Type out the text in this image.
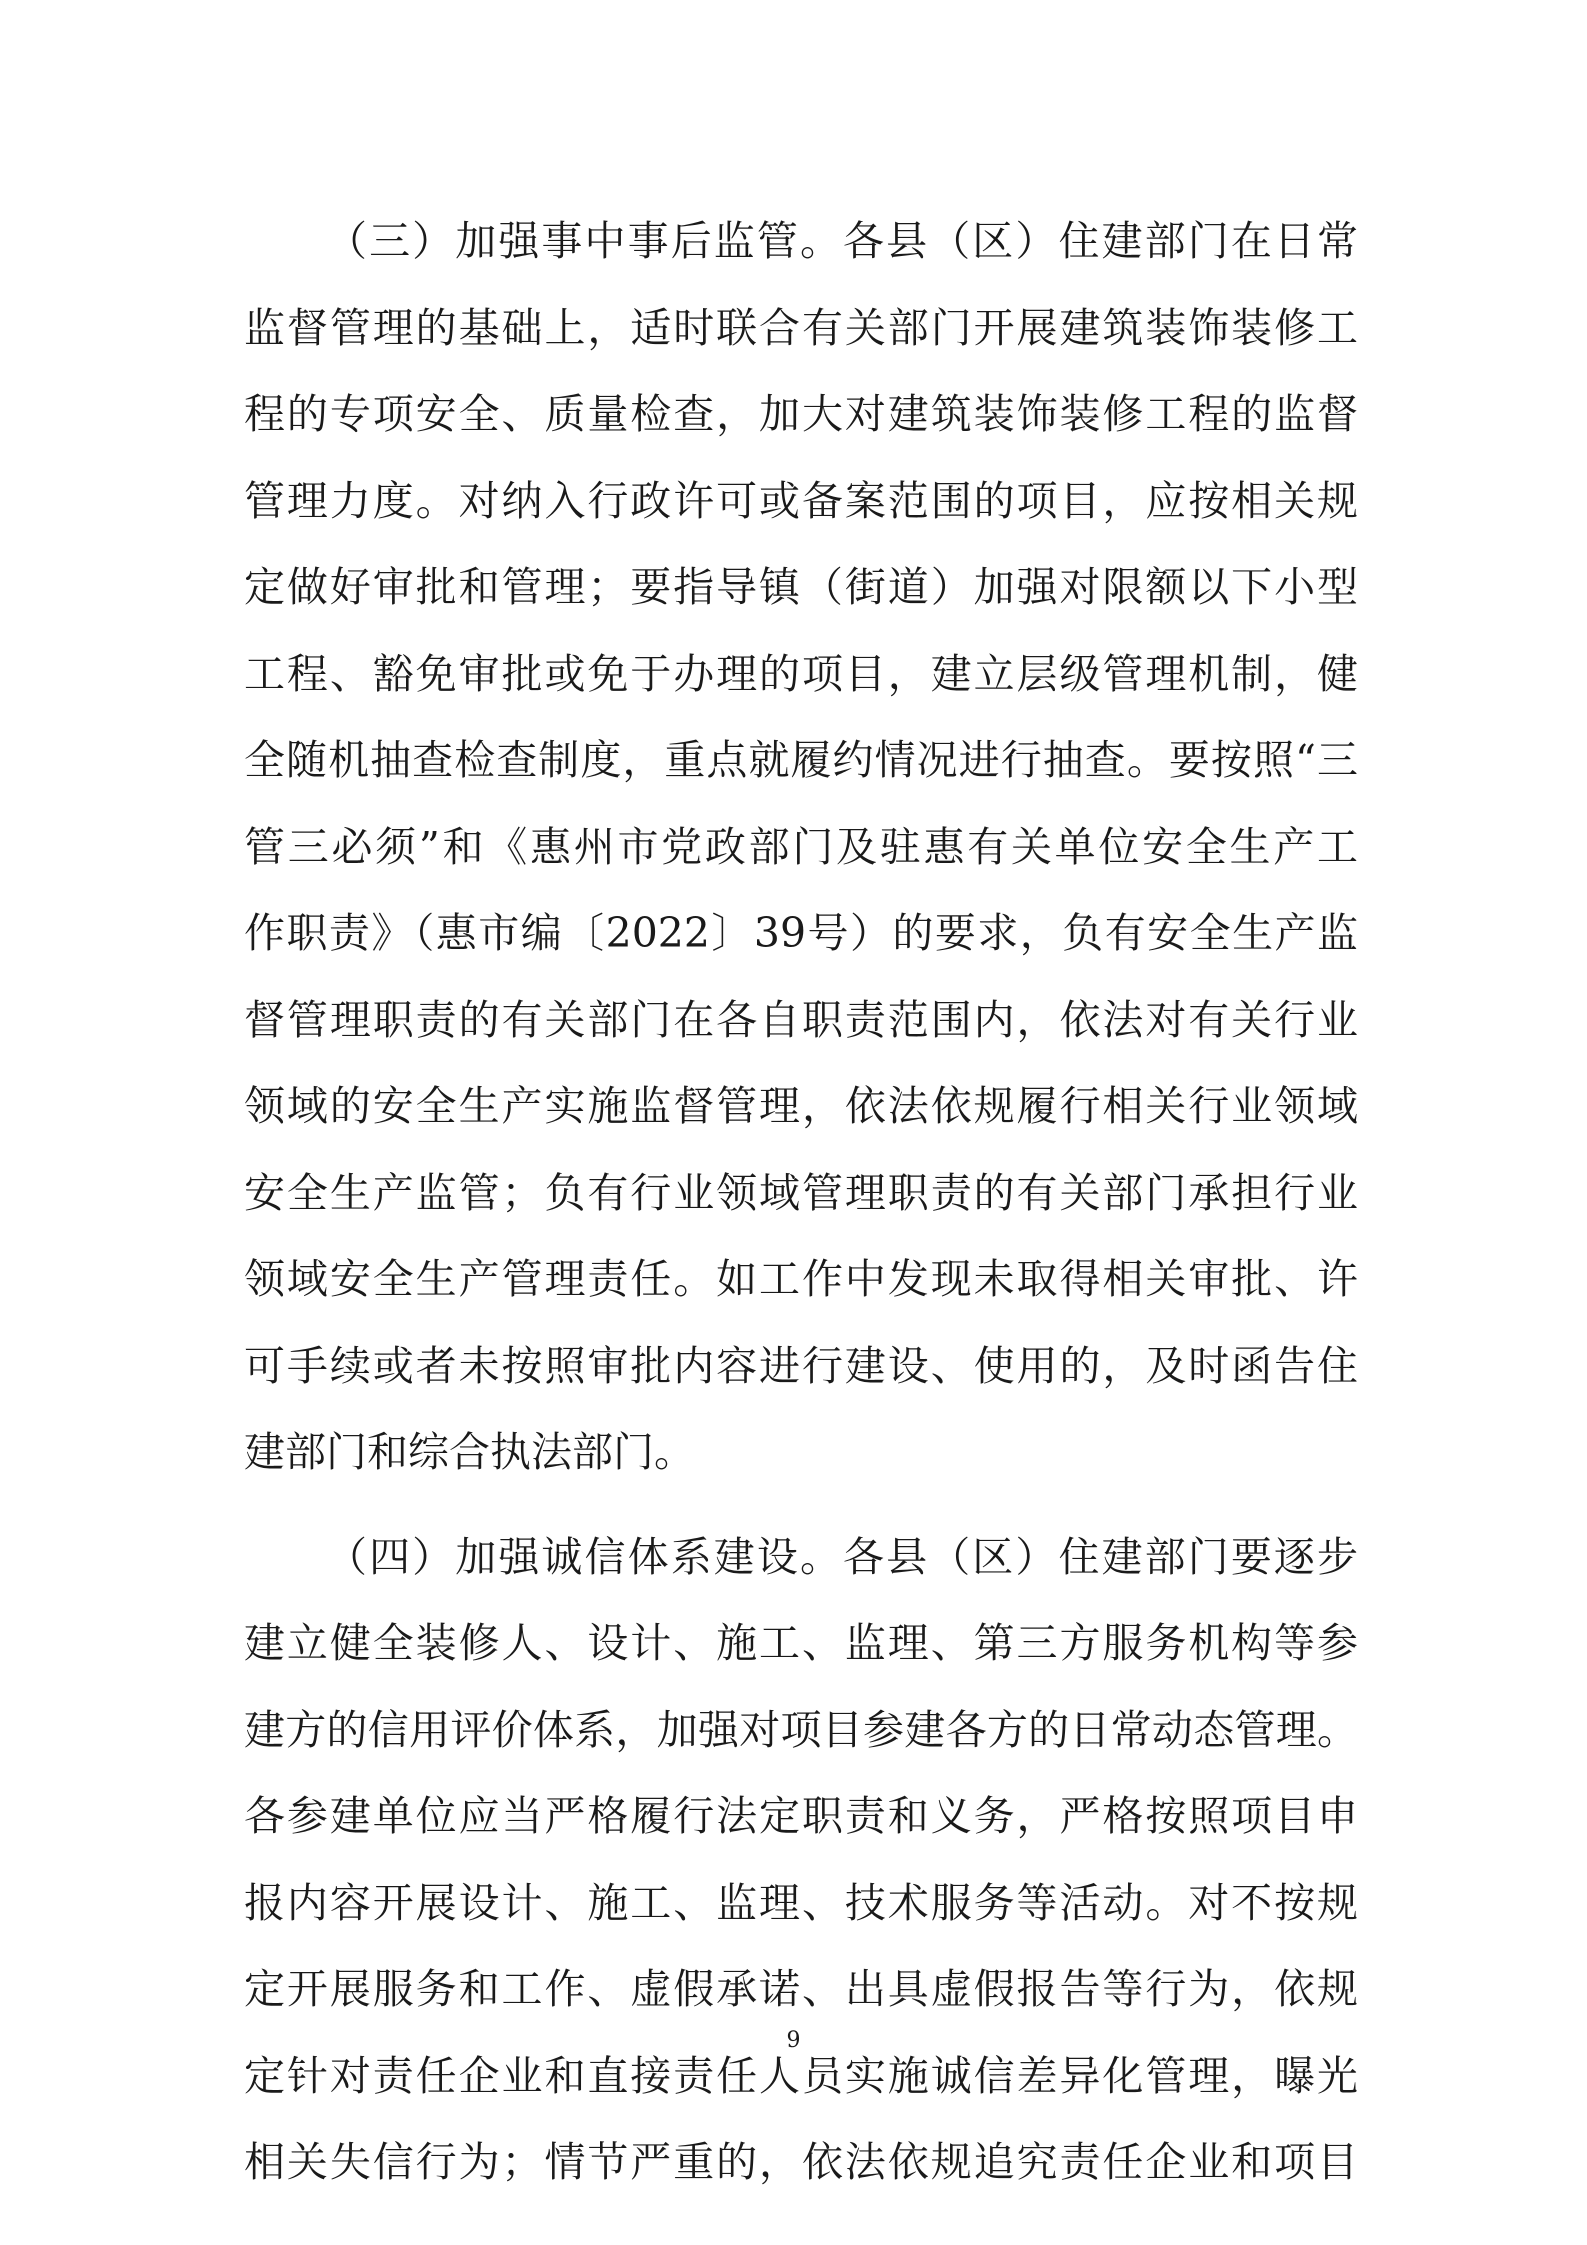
（三）加强事中事后监管。各县（区）住建部门在日常
监督管理的基础上，适时联合有关部门开展建筑装饰装修工
程的专项安全、质量检查，加大对建筑装饰装修工程的监督
管理力度。对纳入行政许可或备案范围的项目，应按相关规
定做好审批和管理；要指导镇（街道）加强对限额以下小型
工程、豁免审批或免于办理的项目，建立层级管理机制，健
全随机抽查检查制度，重点就履约情况进行抽查。要按照“三
管三必须”和《惠州市党政部门及驻惠有关单位安全生产工
作职责》（惠市编〔2022〕39号）的要求，负有安全生产监
督管理职责的有关部门在各自职责范围内，依法对有关行业
领域的安全生产实施监督管理，依法依规履行相关行业领域
安全生产监管；负有行业领域管理职责的有关部门承担行业
领域安全生产管理责任。如工作中发现未取得相关审批、许
可手续或者未按照审批内容进行建设、使用的，及时函告住
建部门和综合执法部门。
（四）加强诚信体系建设。各县（区）住建部门要逐步
建立健全装修人、设计、施工、监理、第三方服务机构等参
建方的信用评价体系，加强对项目参建各方的日常动态管理。
各参建单位应当严格履行法定职责和义务，严格按照项目申
报内容开展设计、施工、监理、技术服务等活动。对不按规
定开展服务和工作、虚假承诺、出具虚假报告等行为，依规
定针对责任企业和直接责任人员实施诚信差异化管理，曝光
相关失信行为；情节严重的，依法依规追究责任企业和项目
9
